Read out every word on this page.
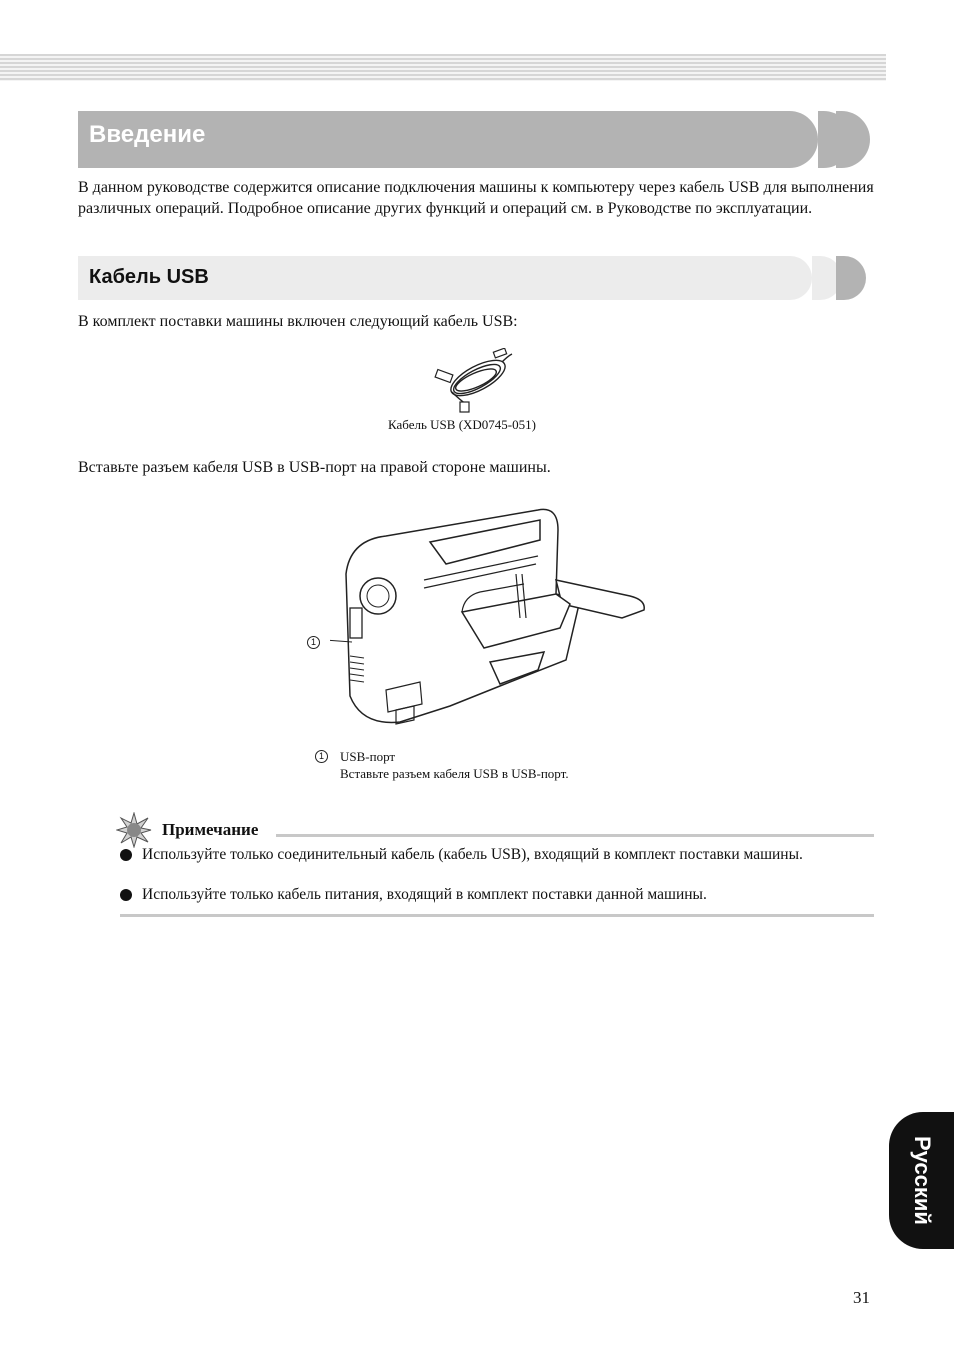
Введение

В данном руководстве содержится описание подключения машины к компьютеру через кабель USB для выполнения различных операций. Подробное описание других функций и операций см. в Руководстве по эксплуатации.

Кабель USB

В комплект поставки машины включен следующий кабель USB:

Кабель USB (XD0745-051)

Вставьте разъем кабеля USB в USB-порт на правой стороне машины.

1
1	USB-порт

Вставьте разъем кабеля USB в USB-порт.

Примечание

Используйте только соединительный кабель (кабель USB), входящий в комплект поставки машины.

Используйте только кабель питания, входящий в комплект поставки данной машины.

Русский

31
